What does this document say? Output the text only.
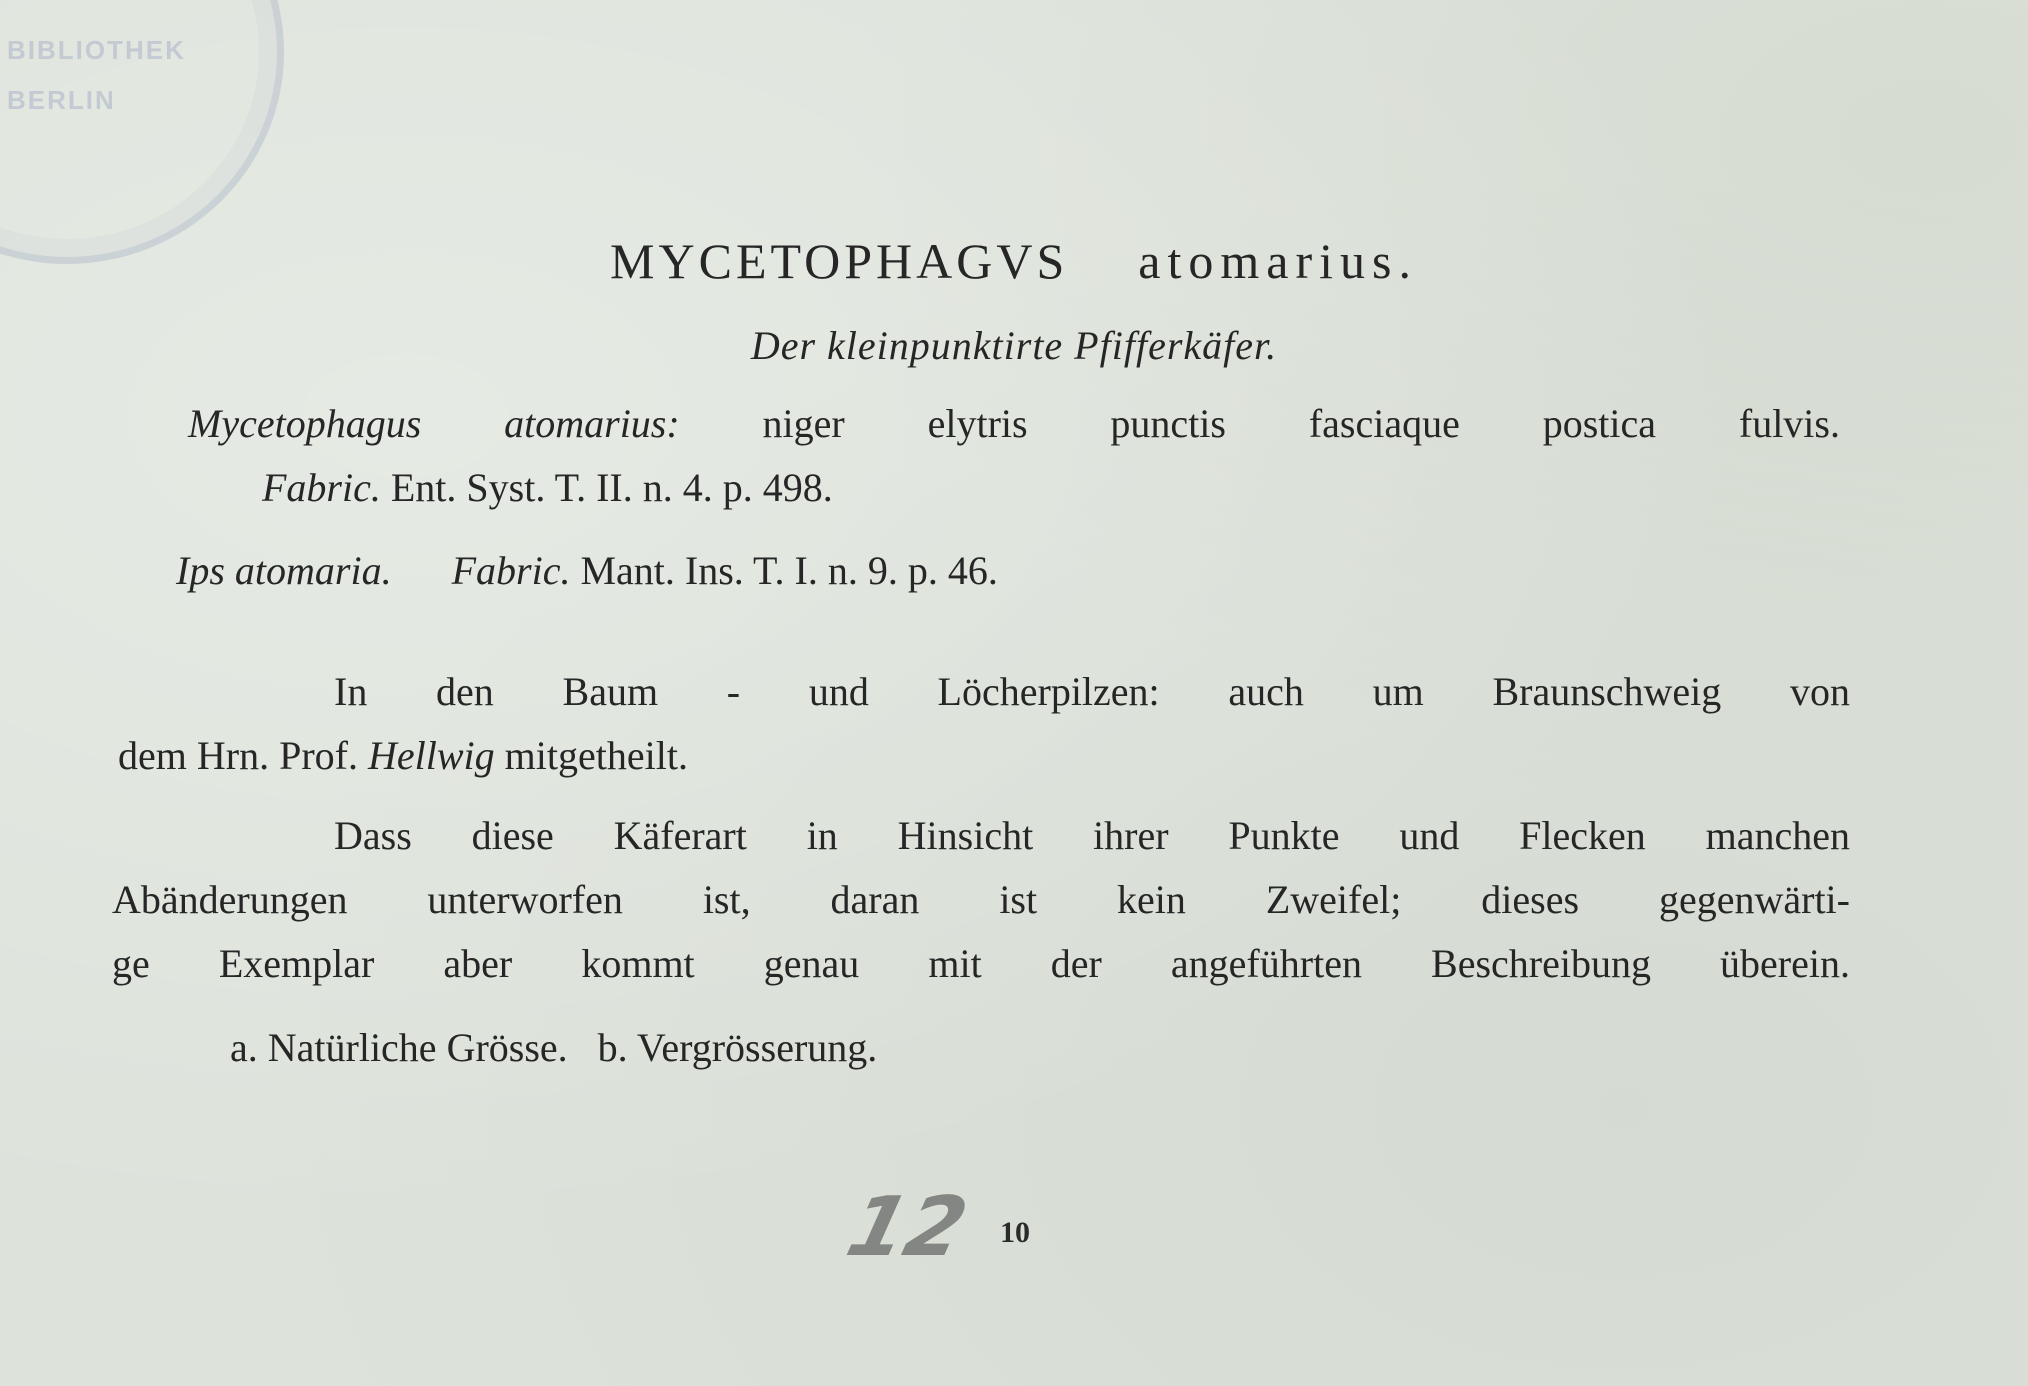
BIBLIOTHEK
BERLIN
MYCETOPHAGVS atomarius.
Der kleinpunktirte Pfifferkäfer.
Mycetophagus atomarius: niger elytris punctis fasciaque postica fulvis.
Fabric. Ent. Syst. T. II. n. 4. p. 498.
Ips atomaria. Fabric. Mant. Ins. T. I. n. 9. p. 46.
In den Baum - und Löcherpilzen: auch um Braunschweig von
dem Hrn. Prof. Hellwig mitgetheilt.
Dass diese Käferart in Hinsicht ihrer Punkte und Flecken manchen
Abänderungen unterworfen ist, daran ist kein Zweifel; dieses gegenwärti-
ge Exemplar aber kommt genau mit der angeführten Beschreibung überein.
a. Natürliche Grösse.   b. Vergrösserung.
12 10
